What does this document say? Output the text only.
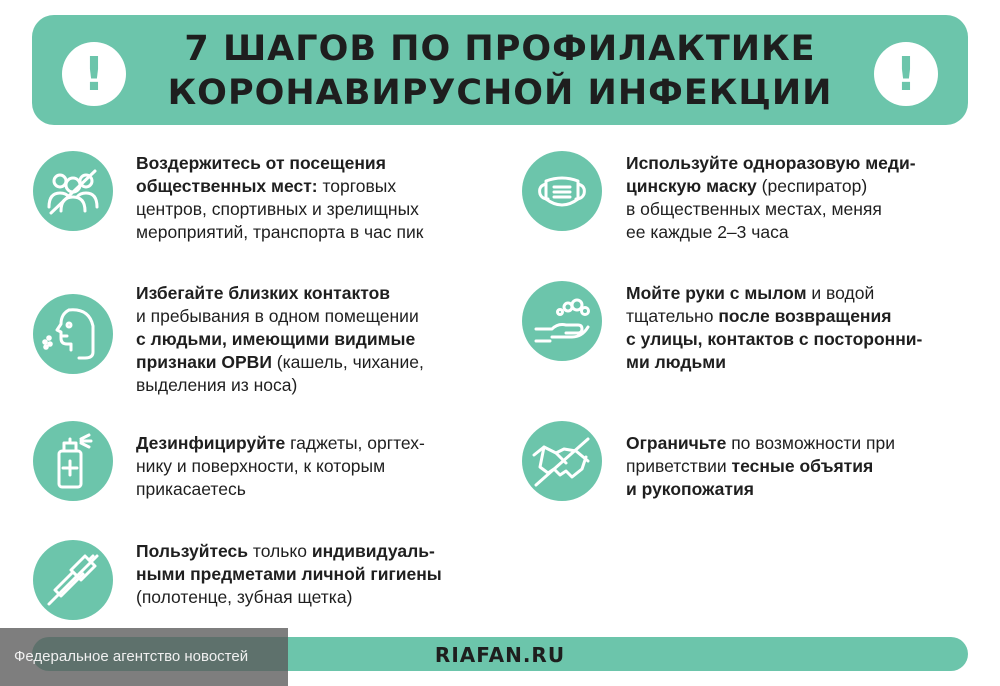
!	7 ШАГОВ ПО ПРОФИЛАКТИКЕ
КОРОНАВИРУСНОЙ ИНФЕКЦИИ	!
Воздержитесь от посещения
общественных мест: торговых
центров, спортивных и зрелищных
мероприятий, транспорта в час пик
Используйте одноразовую меди-
цинскую маску (респиратор)
в общественных местах, меняя
ее каждые 2–3 часа
Избегайте близких контактов
и пребывания в одном помещении
с людьми, имеющими видимые
признаки ОРВИ (кашель, чихание,
выделения из носа)
Мойте руки с мылом и водой
тщательно после возвращения
с улицы, контактов с посторонни-
ми людьми
Дезинфицируйте гаджеты, оргтех-
нику и поверхности, к которым
прикасаетесь
Ограничьте по возможности при
приветствии тесные объятия
и рукопожатия
Пользуйтесь только индивидуаль-
ными предметами личной гигиены
(полотенце, зубная щетка)
RIAFAN.RU
Федеральное агентство новостей
